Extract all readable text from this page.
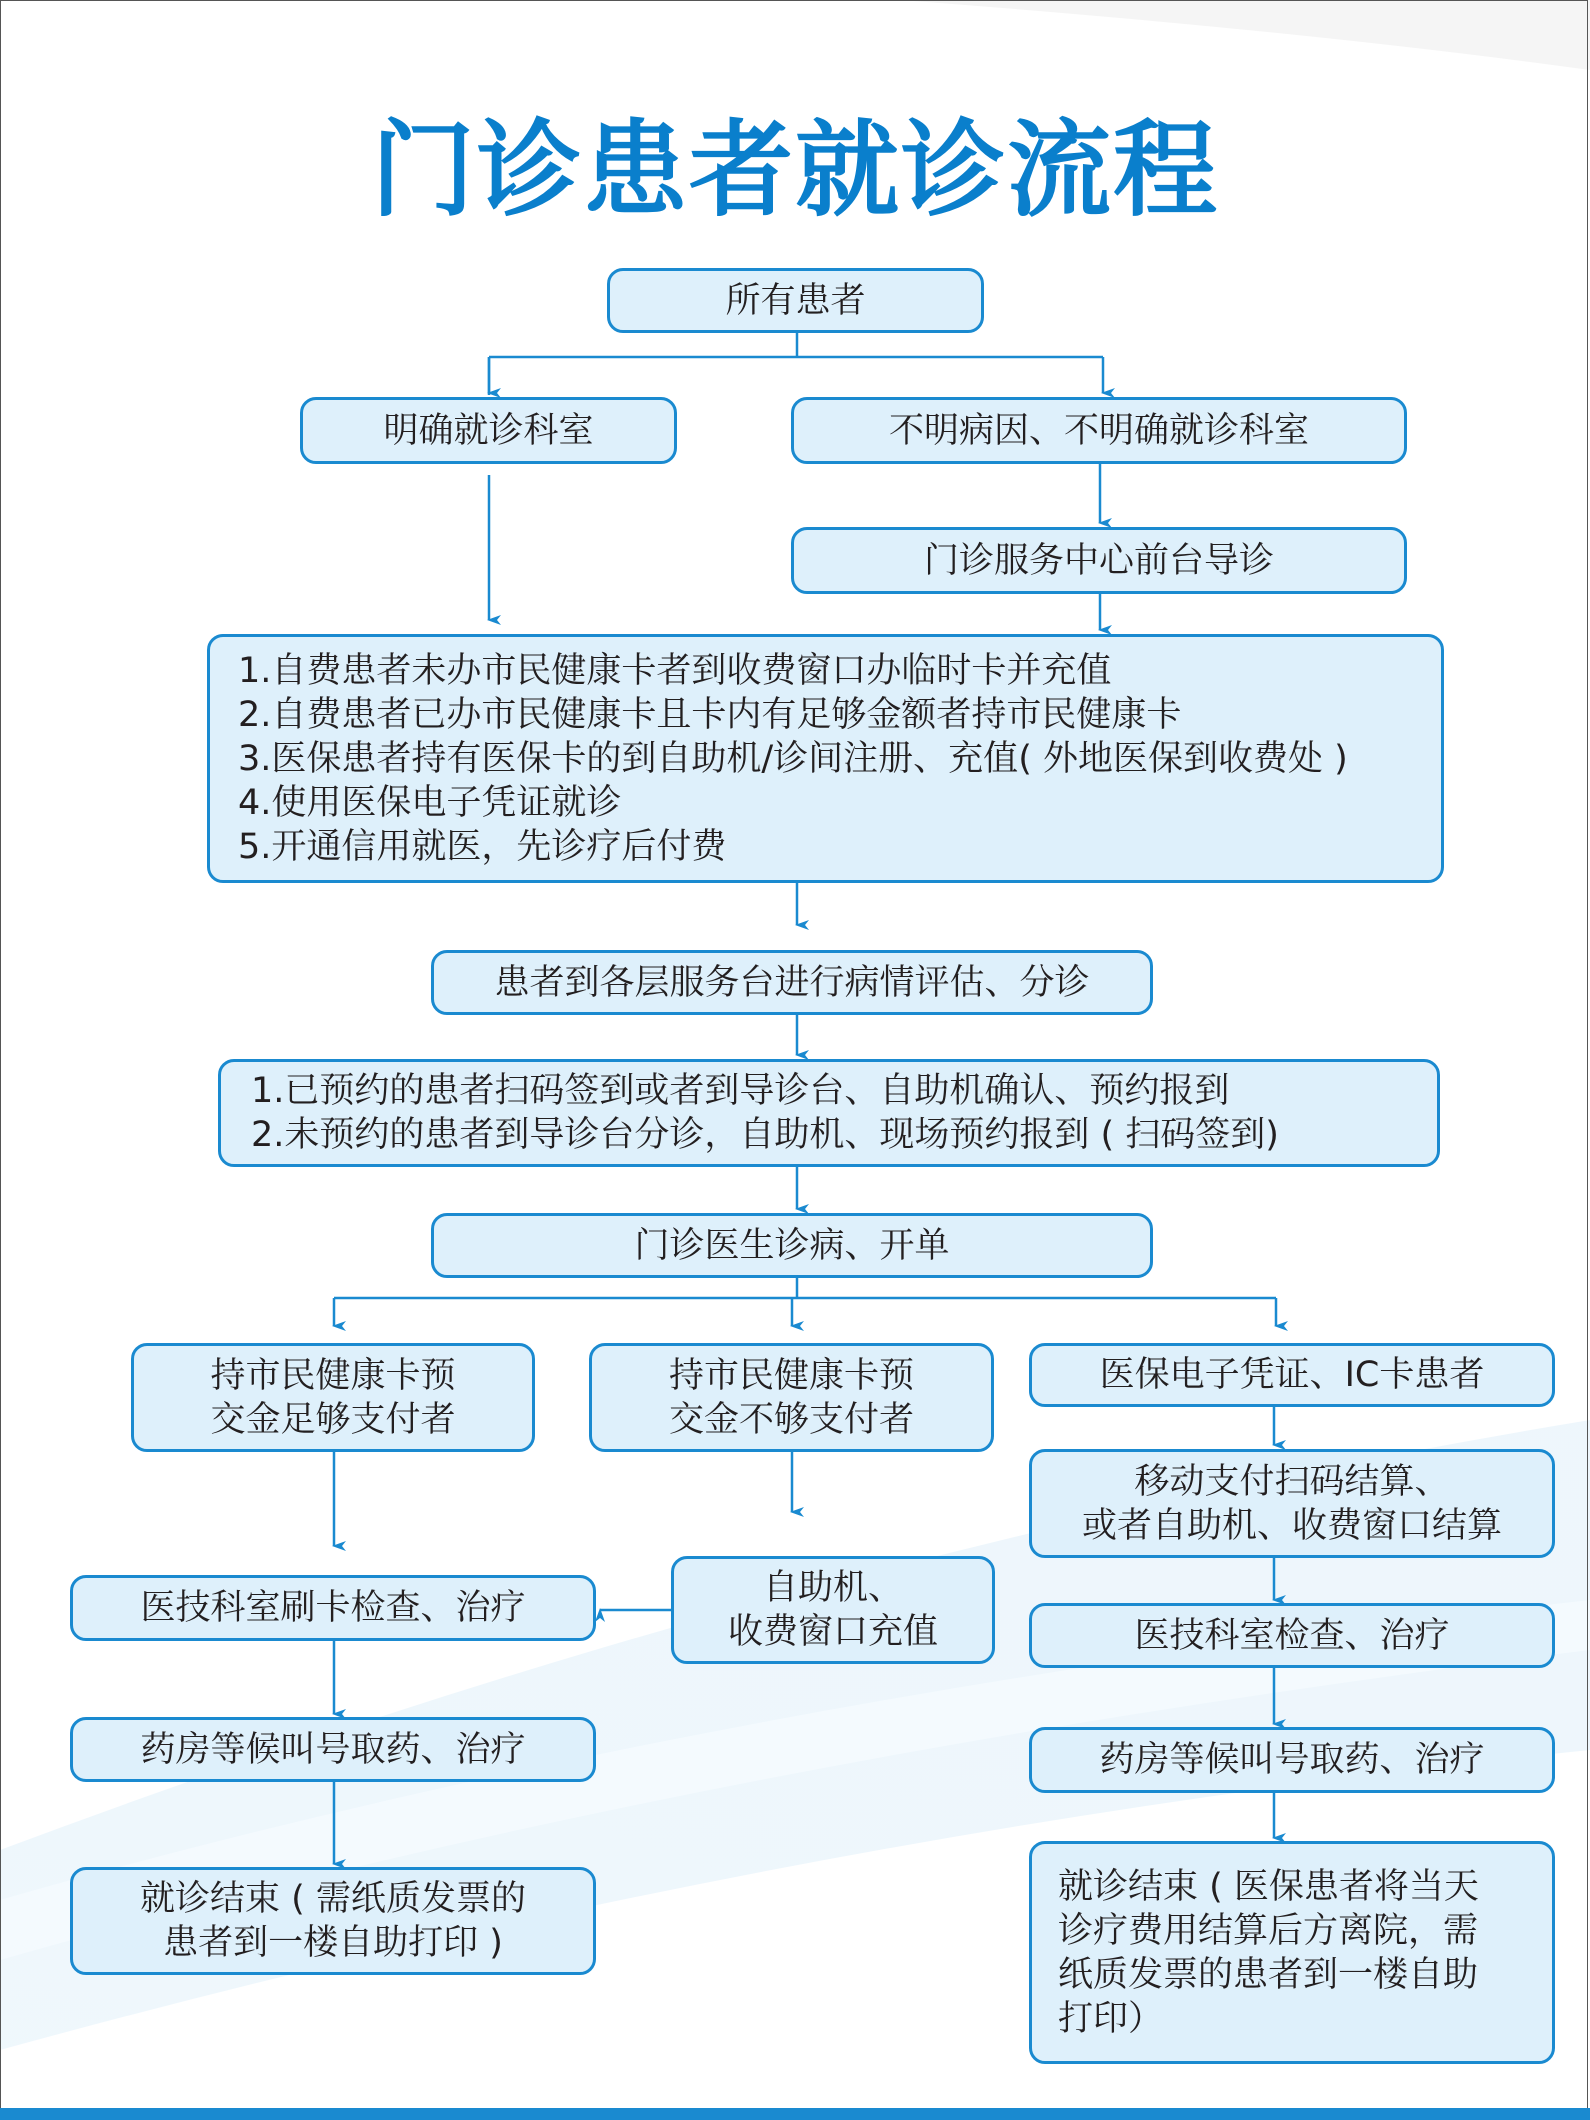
门诊患者就诊流程
所有患者
明确就诊科室	不明病因、不明确就诊科室
门诊服务中心前台导诊
1.自费患者未办市民健康卡者到收费窗口办临时卡并充值
2.自费患者已办市民健康卡且卡内有足够金额者持市民健康卡
3.医保患者持有医保卡的到自助机/诊间注册、充值( 外地医保到收费处 )
4.使用医保电子凭证就诊
5.开通信用就医，先诊疗后付费
患者到各层服务台进行病情评估、分诊
1.已预约的患者扫码签到或者到导诊台、自助机确认、预约报到
2.未预约的患者到导诊台分诊，自助机、现场预约报到 ( 扫码签到)
门诊医生诊病、开单
持市民健康卡预
交金足够支付者
持市民健康卡预
交金不够支付者
医保电子凭证、IC卡患者
移动支付扫码结算、
或者自助机、收费窗口结算
医技科室刷卡检查、治疗	自助机、
收费窗口充值	医技科室检查、治疗
药房等候叫号取药、治疗	药房等候叫号取药、治疗
就诊结束 ( 需纸质发票的
患者到一楼自助打印 )
就诊结束 ( 医保患者将当天
诊疗费用结算后方离院，需
纸质发票的患者到一楼自助
打印）
